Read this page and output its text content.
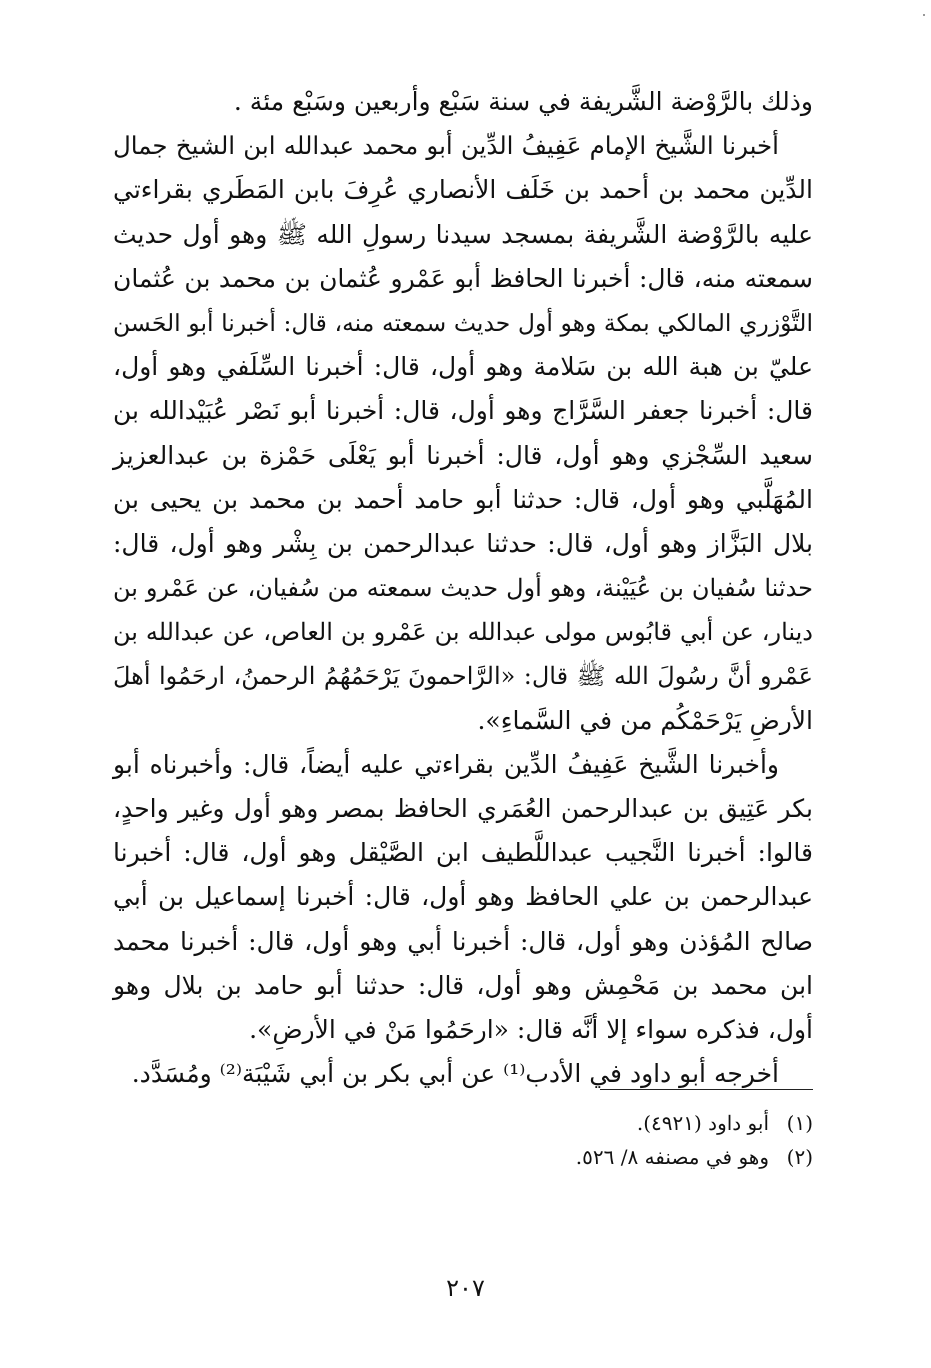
وذلك بالرَّوْضة الشَّريفة في سنة سَبْع وأربعين وسَبْع مئة .
أخبرنا الشَّيخ الإمام عَفِيفُ الدِّين أبو محمد عبدالله ابن الشيخ جمال
الدِّين محمد بن أحمد بن خَلَف الأنصاري عُرِفَ بابن المَطَري بقراءتي
عليه بالرَّوْضة الشَّريفة بمسجد سيدنا رسولِ الله ﷺ وهو أول حديث
سمعته منه، قال: أخبرنا الحافظ أبو عَمْرو عُثمان بن محمد بن عُثمان
التَّوْزري المالكي بمكة وهو أول حديث سمعته منه، قال: أخبرنا أبو الحَسن
عليّ بن هبة الله بن سَلامة وهو أول، قال: أخبرنا السِّلَفي وهو أول،
قال: أخبرنا جعفر السَّرَّاج وهو أول، قال: أخبرنا أبو نَصْر عُبَيْدالله بن
سعيد السِّجْزي وهو أول، قال: أخبرنا أبو يَعْلَى حَمْزة بن عبدالعزيز
المُهَلَّبي وهو أول، قال: حدثنا أبو حامد أحمد بن محمد بن يحيى بن
بلال البَزَّاز وهو أول، قال: حدثنا عبدالرحمن بن بِشْر وهو أول، قال:
حدثنا سُفيان بن عُيَيْنة، وهو أول حديث سمعته من سُفيان، عن عَمْرو بن
دينار، عن أبي قابُوس مولى عبدالله بن عَمْرو بن العاص، عن عبدالله بن
عَمْرو أنَّ رسُولَ الله ﷺ قال: «الرَّاحمونَ يَرْحَمُهُمُ الرحمنُ، ارحَمُوا أهلَ
الأرضِ يَرْحَمْكُم من في السَّماءِ».
وأخبرنا الشَّيخ عَفِيفُ الدِّين بقراءتي عليه أيضاً، قال: وأخبرناه أبو
بكر عَتِيق بن عبدالرحمن العُمَري الحافظ بمصر وهو أول وغير واحدٍ،
قالوا: أخبرنا النَّجيب عبداللَّطيف ابن الصَّيْقل وهو أول، قال: أخبرنا
عبدالرحمن بن علي الحافظ وهو أول، قال: أخبرنا إسماعيل بن أبي
صالح المُؤذن وهو أول، قال: أخبرنا أبي وهو أول، قال: أخبرنا محمد
ابن محمد بن مَحْمِش وهو أول، قال: حدثنا أبو حامد بن بلال وهو
أول، فذكره سواء إلا أنَّه قال: «ارحَمُوا مَنْ في الأرضِ».
أخرجه أبو داود في الأدب⁽¹⁾ عن أبي بكر بن أبي شَيْبَة⁽²⁾ ومُسَدَّد.
(١)أبو داود (٤٩٢١).
(٢)وهو في مصنفه ٨/ ٥٢٦.
٢٠٧
